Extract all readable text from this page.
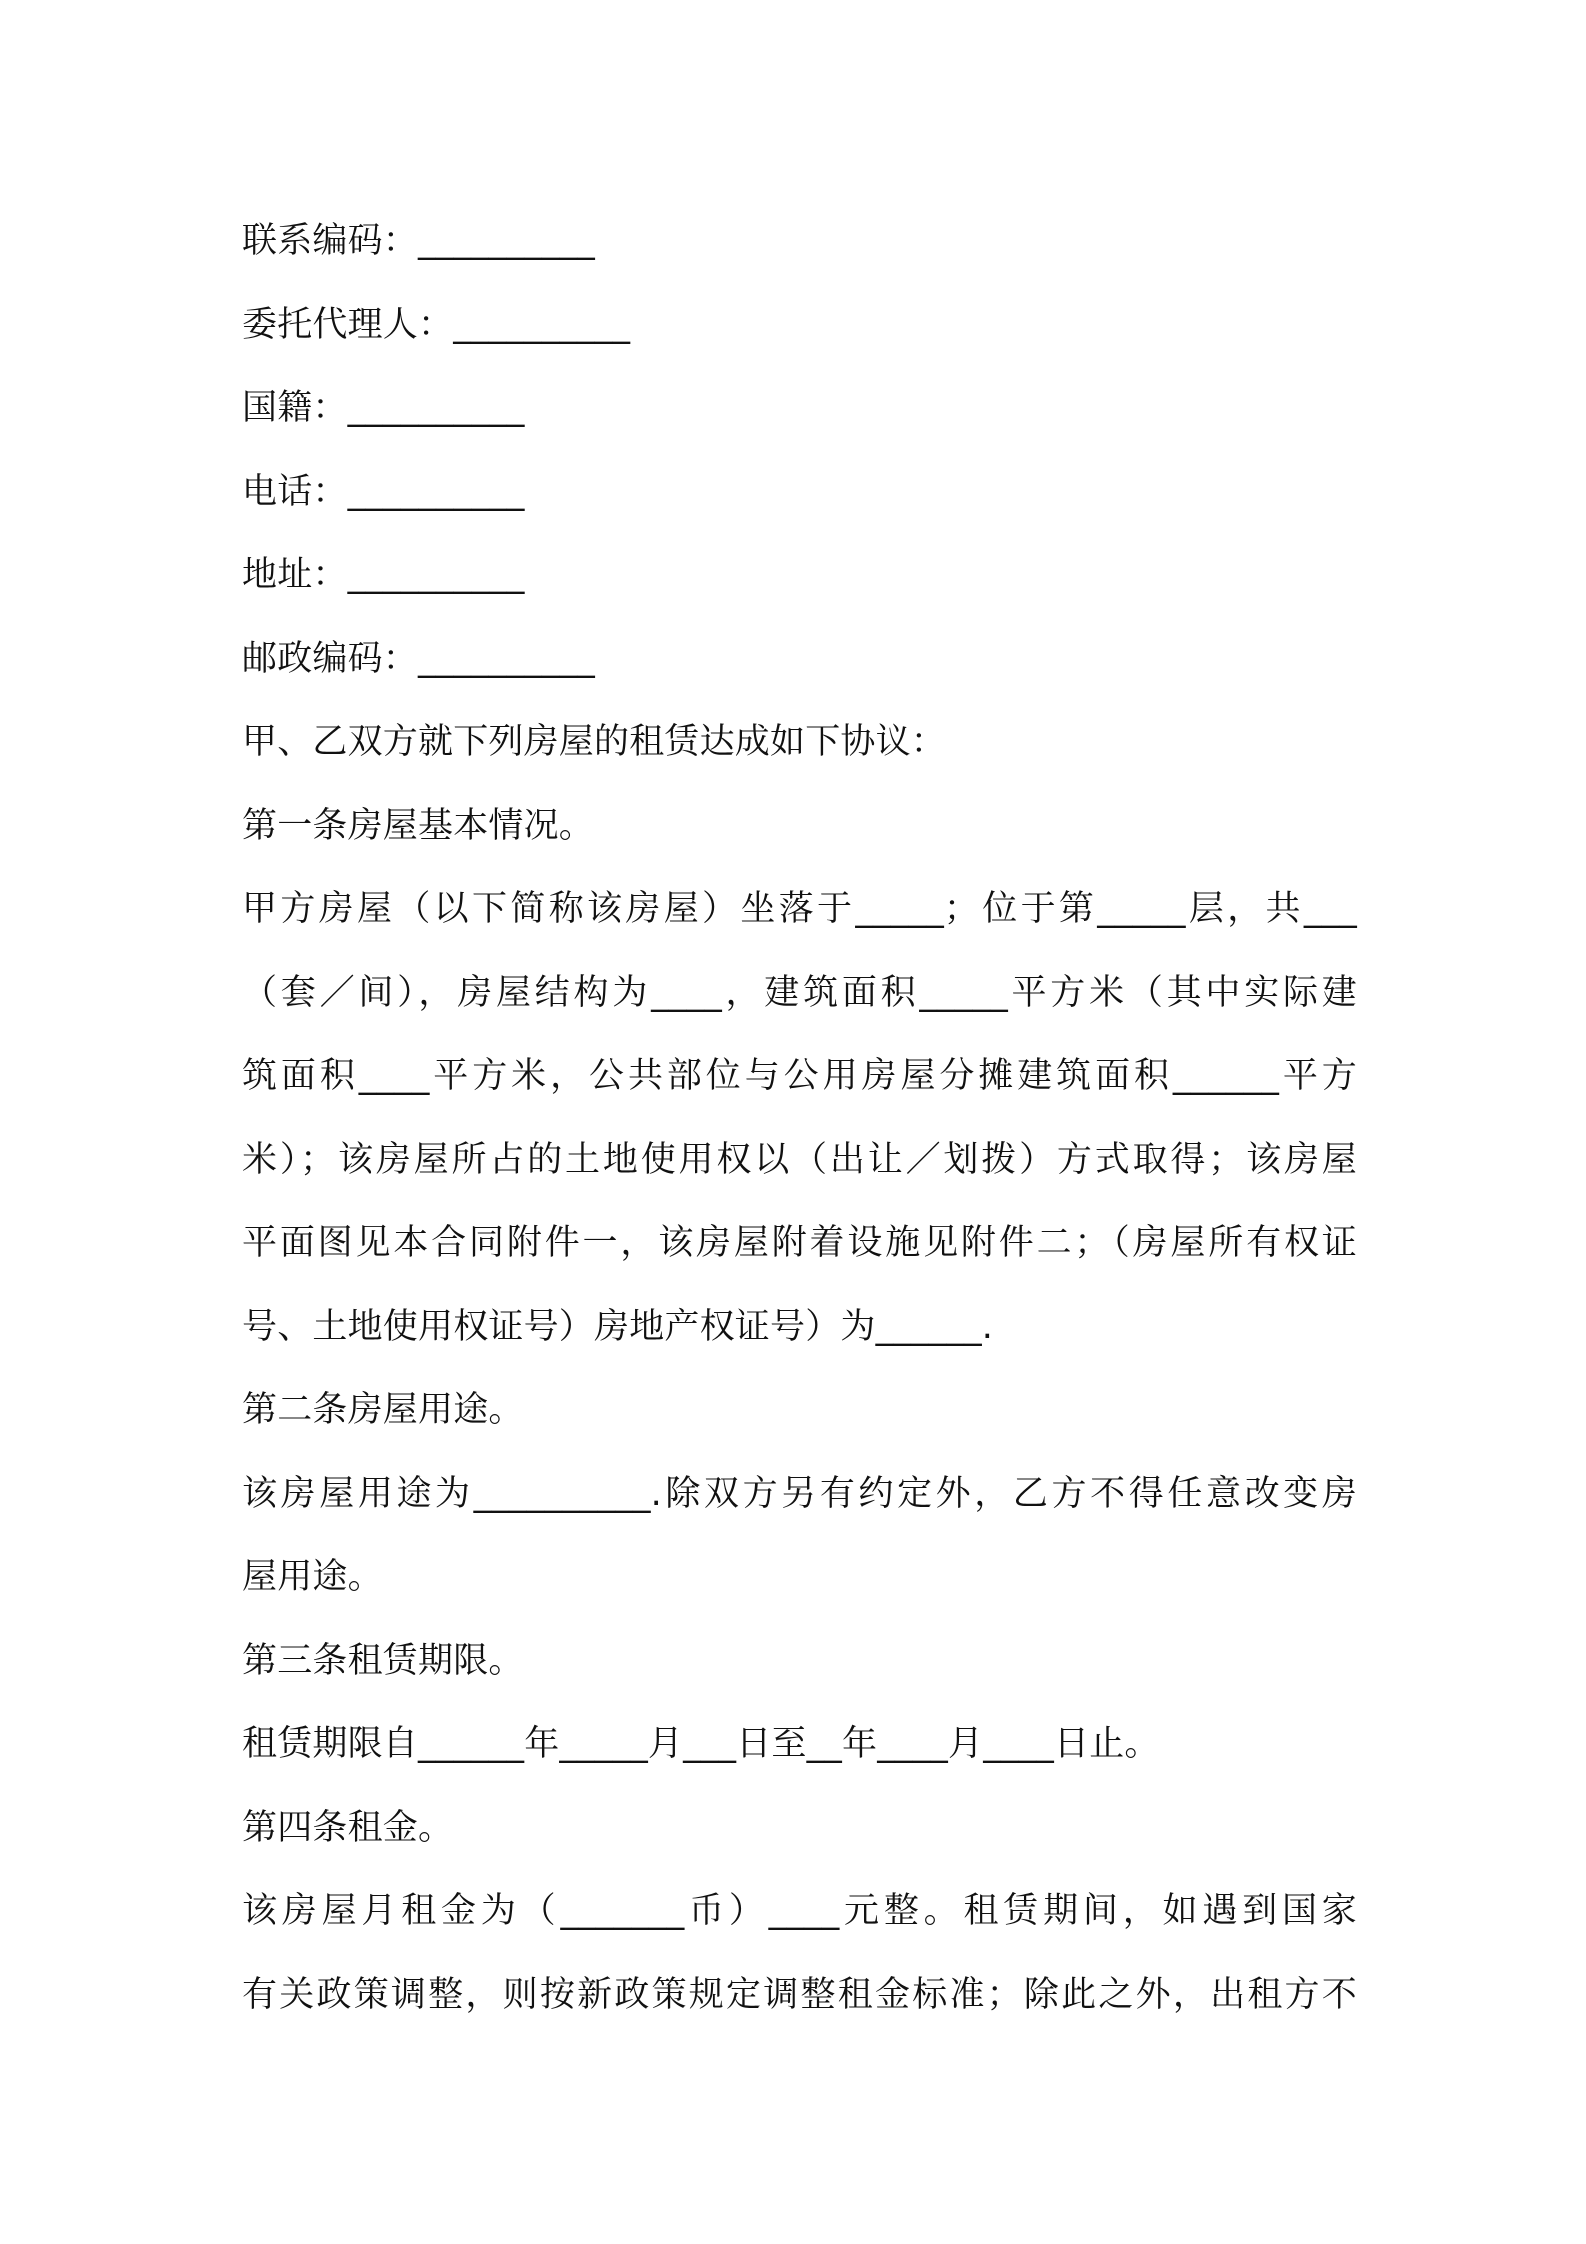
联系编码：__________
委托代理人：__________
国籍：__________
电话：__________
地址：__________
邮政编码：__________
甲、乙双方就下列房屋的租赁达成如下协议：
第一条房屋基本情况。
甲方房屋（以下简称该房屋）坐落于_____；位于第_____层，共___
（套／间），房屋结构为____，建筑面积_____平方米（其中实际建
筑面积____平方米，公共部位与公用房屋分摊建筑面积______平方
米）；该房屋所占的土地使用权以（出让／划拨）方式取得；该房屋
平面图见本合同附件一，该房屋附着设施见附件二；（房屋所有权证
号、土地使用权证号）房地产权证号）为______.
第二条房屋用途。
该房屋用途为__________.除双方另有约定外，乙方不得任意改变房
屋用途。
第三条租赁期限。
租赁期限自______年_____月___日至__年____月____日止。
第四条租金。
该房屋月租金为（_______币）____元整。租赁期间，如遇到国家
有关政策调整，则按新政策规定调整租金标准；除此之外，出租方不
